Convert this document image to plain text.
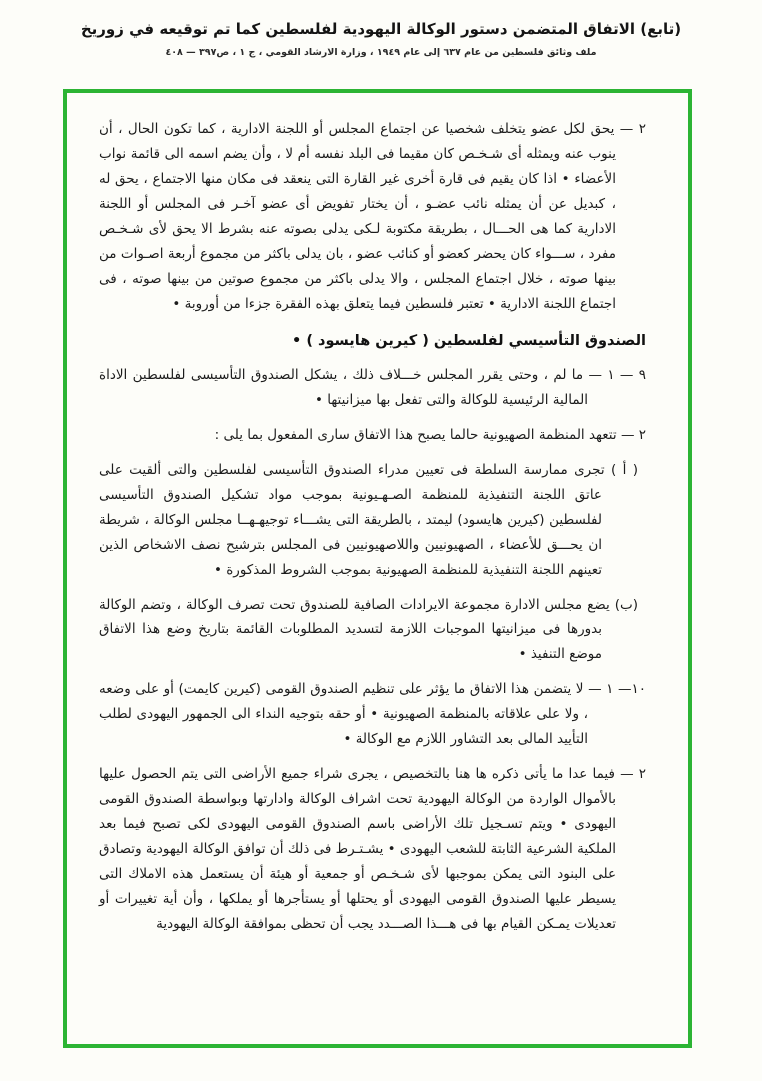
(تابع) الاتفاق المتضمن دستور الوكالة اليهودية لفلسطين كما تم توقيعه في زوريخ
ملف وثائق فلسطين من عام ٦٣٧ إلى عام ١٩٤٩ ، وزارة الارشاد القومي ، ج ١ ، ص٣٩٧ — ٤٠٨

٢ — يحق لكل عضو يتخلف شخصيا عن اجتماع المجلس أو اللجنة الادارية ، كما تكون الحال ، أن ينوب عنه ويمثله أى شـخـص كان مقيما فى البلد نفسه أم لا ، وأن يضم اسمه الى قائمة نواب الأعضاء • اذا كان يقيم فى قارة أخرى غير القارة التى ينعقد فى مكان منها الاجتماع ، يحق له ، كبديل عن أن يمثله نائب عضـو ، أن يختار تفويض أى عضو آخـر فى المجلس أو اللجنة الادارية كما هى الحـــال ، بطريقة مكتوبة لـكى يدلى بصوته عنه بشرط الا يحق لأى شـخـص مفرد ، ســـواء كان يحضر كعضو أو كنائب عضو ، بان يدلى باكثر من مجموع أربعة اصـوات من بينها صوته ، خلال اجتماع المجلس ، والا يدلى باكثر من مجموع صوتين من بينها صوته ، فى اجتماع اللجنة الادارية • تعتبر فلسطين فيما يتعلق بهذه الفقرة جزءا من أوروبة •

الصندوق التأسيسي لفلسطين ( كيرين هايسود ) •

٩ — ١ — ما لم ، وحتى يقرر المجلس خـــلاف ذلك ، يشكل الصندوق التأسيسى لفلسطين الاداة المالية الرئيسية للوكالة والتى تفعل بها ميزانيتها •

٢ — تتعهد المنظمة الصهيونية حالما يصبح هذا الاتفاق سارى المفعول بما يلى :

( أ ) تجرى ممارسة السلطة فى تعيين مدراء الصندوق التأسيسى لفلسطين والتى ألقيت على عاتق اللجنة التنفيذية للمنظمة الصـهـيونية بموجب مواد تشكيل الصندوق التأسيسى لفلسطين (كيرين هايسود) ليمتد ، بالطريقة التى يشـــاء توجيهـهــا مجلس الوكالة ، شريطة ان يحـــق للأعضاء ، الصهيونيين واللاصهيونيين فى المجلس بترشيح نصف الاشخاص الذين تعينهم اللجنة التنفيذية للمنظمة الصهيونية بموجب الشروط المذكورة •

(ب) يضع مجلس الادارة مجموعة الايرادات الصافية للصندوق تحت تصرف الوكالة ، وتضم الوكالة بدورها فى ميزانيتها الموجبات اللازمة لتسديد المطلوبات القائمة بتاريخ وضع هذا الاتفاق موضع التنفيذ •

١٠— ١ — لا يتضمن هذا الاتفاق ما يؤثر على تنظيم الصندوق القومى (كيرين كايمت) أو على وضعه ، ولا على علاقاته بالمنظمة الصهيونية • أو حقه بتوجيه النداء الى الجمهور اليهودى لطلب التأييد المالى بعد التشاور اللازم مع الوكالة •

٢ — فيما عدا ما يأتى ذكره ها هنا بالتخصيص ، يجرى شراء جميع الأراضى التى يتم الحصول عليها بالأموال الواردة من الوكالة اليهودية تحت اشراف الوكالة وادارتها وبواسطة الصندوق القومى اليهودى • ويتم تسـجيل تلك الأراضى باسم الصندوق القومى اليهودى لكى تصبح فيما بعد الملكية الشرعية الثابتة للشعب اليهودى • يشـتـرط فى ذلك أن توافق الوكالة اليهودية وتصادق على البنود التى يمكن بموجبها لأى شـخـص أو جمعية أو هيئة أن يستعمل هذه الاملاك التى يسيطر عليها الصندوق القومى اليهودى أو يحتلها أو يستأجرها أو يملكها ، وأن أية تغييرات أو تعديلات يمـكن القيام بها فى هـــذا الصـــدد يجب أن تحظى بموافقة الوكالة اليهودية
